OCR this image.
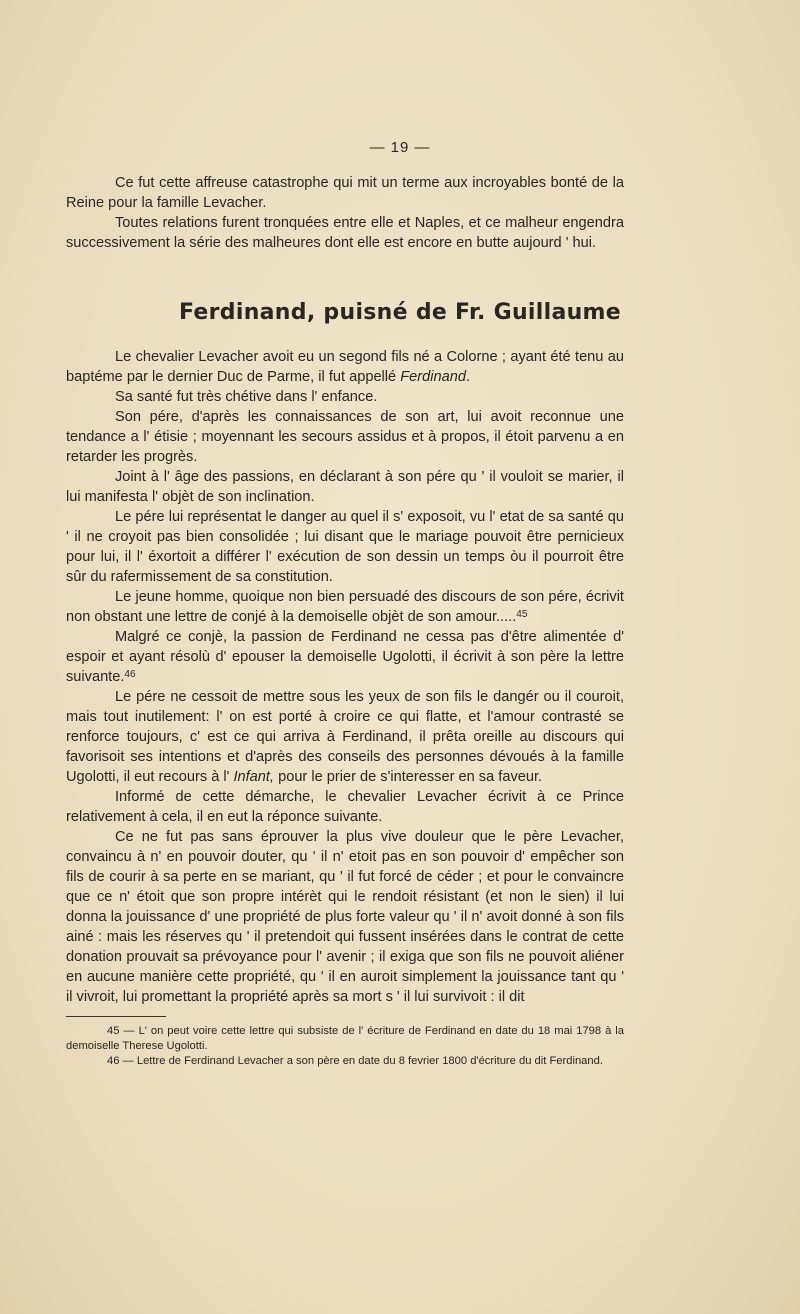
— 19 —

Ce fut cette affreuse catastrophe qui mit un terme aux incroyables bonté de la Reine pour la famille Levacher.

Toutes relations furent tronquées entre elle et Naples, et ce malheur engendra successivement la série des malheures dont elle est encore en butte aujourd ' hui.

Ferdinand, puisné de Fr. Guillaume

Le chevalier Levacher avoit eu un segond fils né a Colorne ; ayant été tenu au baptéme par le dernier Duc de Parme, il fut appellé Ferdinand.

Sa santé fut très chétive dans l' enfance.

Son pére, d'après les connaissances de son art, lui avoit reconnue une tendance a l' étisie ; moyennant les secours assidus et à propos, il étoit parvenu a en retarder les progrès.

Joint à l' âge des passions, en déclarant à son pére qu ' il vouloit se marier, il lui manifesta l' objèt de son inclination.

Le pére lui représentat le danger au quel il s' exposoit, vu l' etat de sa santé qu ' il ne croyoit pas bien consolidée ; lui disant que le mariage pouvoit être pernicieux pour lui, il l' éxortoit a différer l' exécution de son dessin un temps òu il pourroit être sûr du rafermissement de sa constitution.

Le jeune homme, quoique non bien persuadé des discours de son pére, écrivit non obstant une lettre de conjé à la demoiselle objèt de son amour.....$^{45}$

Malgré ce conjè, la passion de Ferdinand ne cessa pas d'être alimentée d' espoir et ayant résolù d' epouser la demoiselle Ugolotti, il écrivit à son père la lettre suivante.$^{46}$

Le pére ne cessoit de mettre sous les yeux de son fils le dangér ou il couroit, mais tout inutilement: l' on est porté à croire ce qui flatte, et l'amour contrasté se renforce toujours, c' est ce qui arriva à Ferdinand, il prêta oreille au discours qui favorisoit ses intentions et d'après des conseils des personnes dévoués à la famille Ugolotti, il eut recours à l' Infant, pour le prier de s'interesser en sa faveur.

Informé de cette démarche, le chevalier Levacher écrivit à ce Prince relativement à cela, il en eut la réponce suivante.

Ce ne fut pas sans éprouver la plus vive douleur que le père Levacher, convaincu à n' en pouvoir douter, qu ' il n' etoit pas en son pouvoir d' empêcher son fils de courir à sa perte en se mariant, qu ' il fut forcé de céder ; et pour le convaincre que ce n' étoit que son propre intérèt qui le rendoit résistant (et non le sien) il lui donna la jouissance d' une propriété de plus forte valeur qu ' il n' avoit donné à son fils ainé : mais les réserves qu ' il pretendoit qui fussent insérées dans le contrat de cette donation prouvait sa prévoyance pour l' avenir ; il exiga que son fils ne pouvoit aliéner en aucune manière cette propriété, qu ' il en auroit simplement la jouissance tant qu ' il vivroit, lui promettant la propriété après sa mort s ' il lui survivoit : il dit

45 — L' on peut voire cette lettre qui subsiste de l' écriture de Ferdinand en date du 18 mai 1798 à la demoiselle Therese Ugolotti.

46 — Lettre de Ferdinand Levacher a son père en date du 8 fevrier 1800 d'écriture du dit Ferdinand.
